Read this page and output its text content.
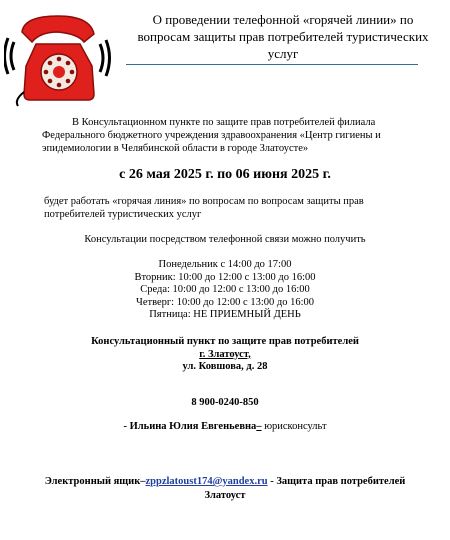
О проведении телефонной «горячей линии» по
вопросам защиты прав потребителей туристических
услуг
В Консультационном пункте по защите прав потребителей филиала
Федерального бюджетного учреждения здравоохранения «Центр гигиены и
эпидемиологии в Челябинской области в городе Златоусте»
с 26 мая 2025 г. по 06 июня 2025 г.
будет работать «горячая линия» по вопросам по вопросам защиты прав
потребителей туристических услуг
Консультации посредством телефонной связи можно получить
Понедельник с 14:00 до 17:00
Вторник: 10:00 до 12:00 с 13:00 до 16:00
Среда: 10:00 до 12:00 с 13:00 до 16:00
Четверг: 10:00 до 12:00 с 13:00 до 16:00
Пятница: НЕ ПРИЕМНЫЙ ДЕНЬ
Консультационный пункт по защите прав потребителей
г. Златоуст,
ул. Ковшова, д. 28
8 900-0240-850
- Ильина Юлия Евгеньевна– юрисконсульт
Электронный ящик–zppzlatoust174@yandex.ru - Защита прав потребителей
Златоуст
